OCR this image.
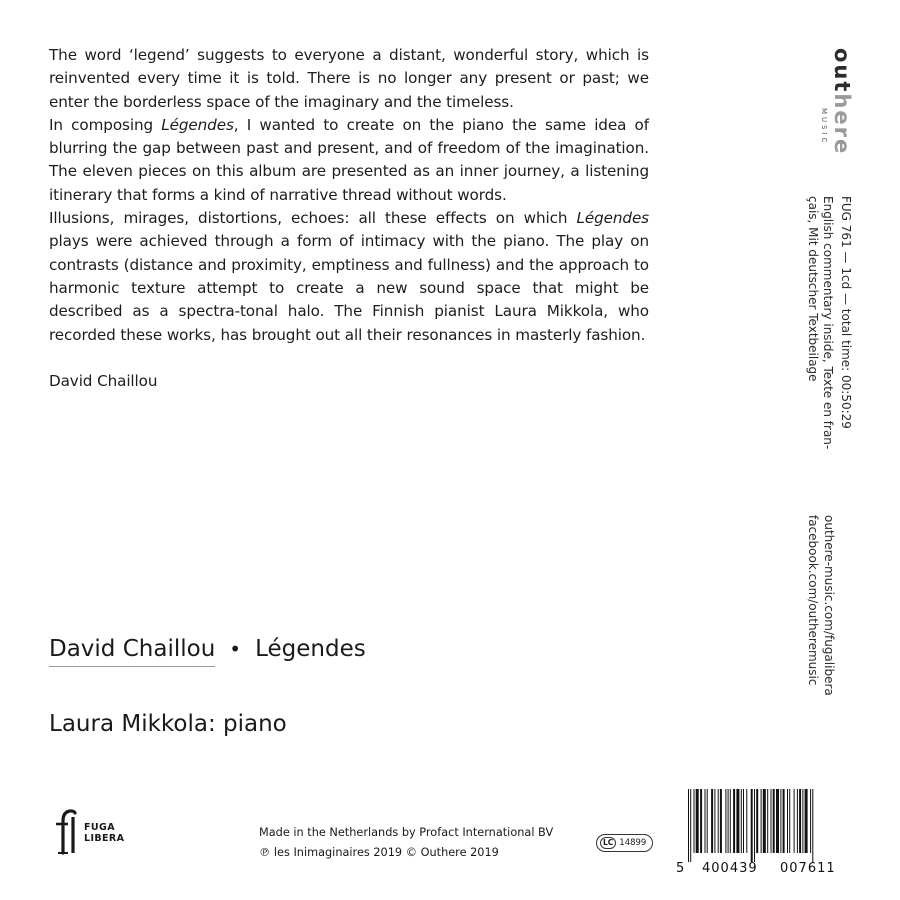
The word ‘legend’ suggests to everyone a distant, wonderful story, which is reinvented every time it is told. There is no longer any present or past; we enter the borderless space of the imaginary and the timeless.

In composing Légendes, I wanted to create on the piano the same idea of blurring the gap between past and present, and of freedom of the imagination. The eleven pieces on this album are presented as an inner journey, a listening itinerary that forms a kind of narrative thread without words.

Illusions, mirages, distortions, echoes: all these effects on which Légendes plays were achieved through a form of intimacy with the piano. The play on contrasts (distance and proximity, emptiness and fullness) and the approach to harmonic texture attempt to create a new sound space that might be described as a spectra-tonal halo. The Finnish pianist Laura Mikkola, who recorded these works, has brought out all their resonances in masterly fashion.

David Chaillou

David Chaillou • Légendes
Laura Mikkola: piano
outhere
MUSIC
FUG 761 — 1cd — total time: 00:50:29
English commentary inside, Texte en fran-
çais, Mit deutscher Textbeilage
outhere-music.com/fugalibera
facebook.com/outheremusic
FUGA
LIBERA	Made in the Netherlands by Profact International BV
℗ les Inimaginaires 2019 © Outhere 2019
LC 14899
5 400439 007611
